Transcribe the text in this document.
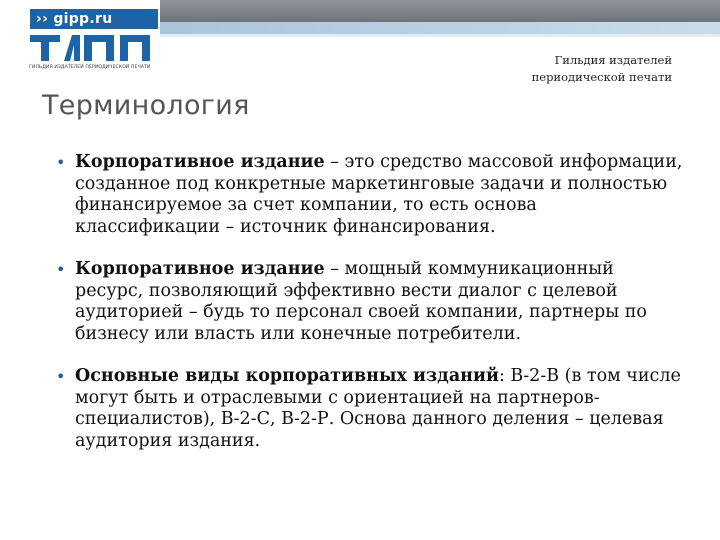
›› gipp.ru
ГИЛЬДИЯ ИЗДАТЕЛЕЙ ПЕРИОДИЧЕСКОЙ ПЕЧАТИ
Гильдия издателей
периодической печати
Терминология
• Корпоративное издание – это средство массовой информации, созданное под конкретные маркетинговые задачи и полностью финансируемое за счет компании, то есть основа классификации – источник финансирования.
• Корпоративное издание – мощный коммуникационный ресурс, позволяющий эффективно вести диалог с целевой аудиторией – будь то персонал своей компании, партнеры по бизнесу или власть или конечные потребители.
• Основные виды корпоративных изданий: В-2-В (в том числе могут быть и отраслевыми с ориентацией на партнеров-специалистов), В-2-С, В-2-Р. Основа данного деления – целевая аудитория издания.
